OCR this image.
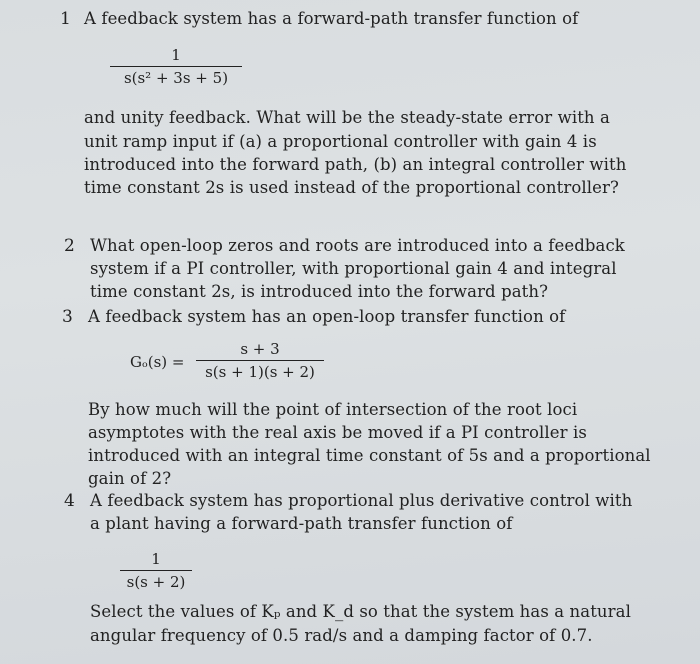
1 A feedback system has a forward-path transfer function of
1
s(s² + 3s + 5)
and unity feedback. What will be the steady-state error with a
unit ramp input if (a) a proportional controller with gain 4 is
introduced into the forward path, (b) an integral controller with
time constant 2s is used instead of the proportional controller?
2 What open-loop zeros and roots are introduced into a feedback
system if a PI controller, with proportional gain 4 and integral
time constant 2s, is introduced into the forward path?
3 A feedback system has an open-loop transfer function of
Gₒ(s) =
s + 3
s(s + 1)(s + 2)
By how much will the point of intersection of the root loci
asymptotes with the real axis be moved if a PI controller is
introduced with an integral time constant of 5s and a proportional
gain of 2?
4 A feedback system has proportional plus derivative control with
a plant having a forward-path transfer function of
1
s(s + 2)
Select the values of Kₚ and K_d so that the system has a natural
angular frequency of 0.5 rad/s and a damping factor of 0.7.
